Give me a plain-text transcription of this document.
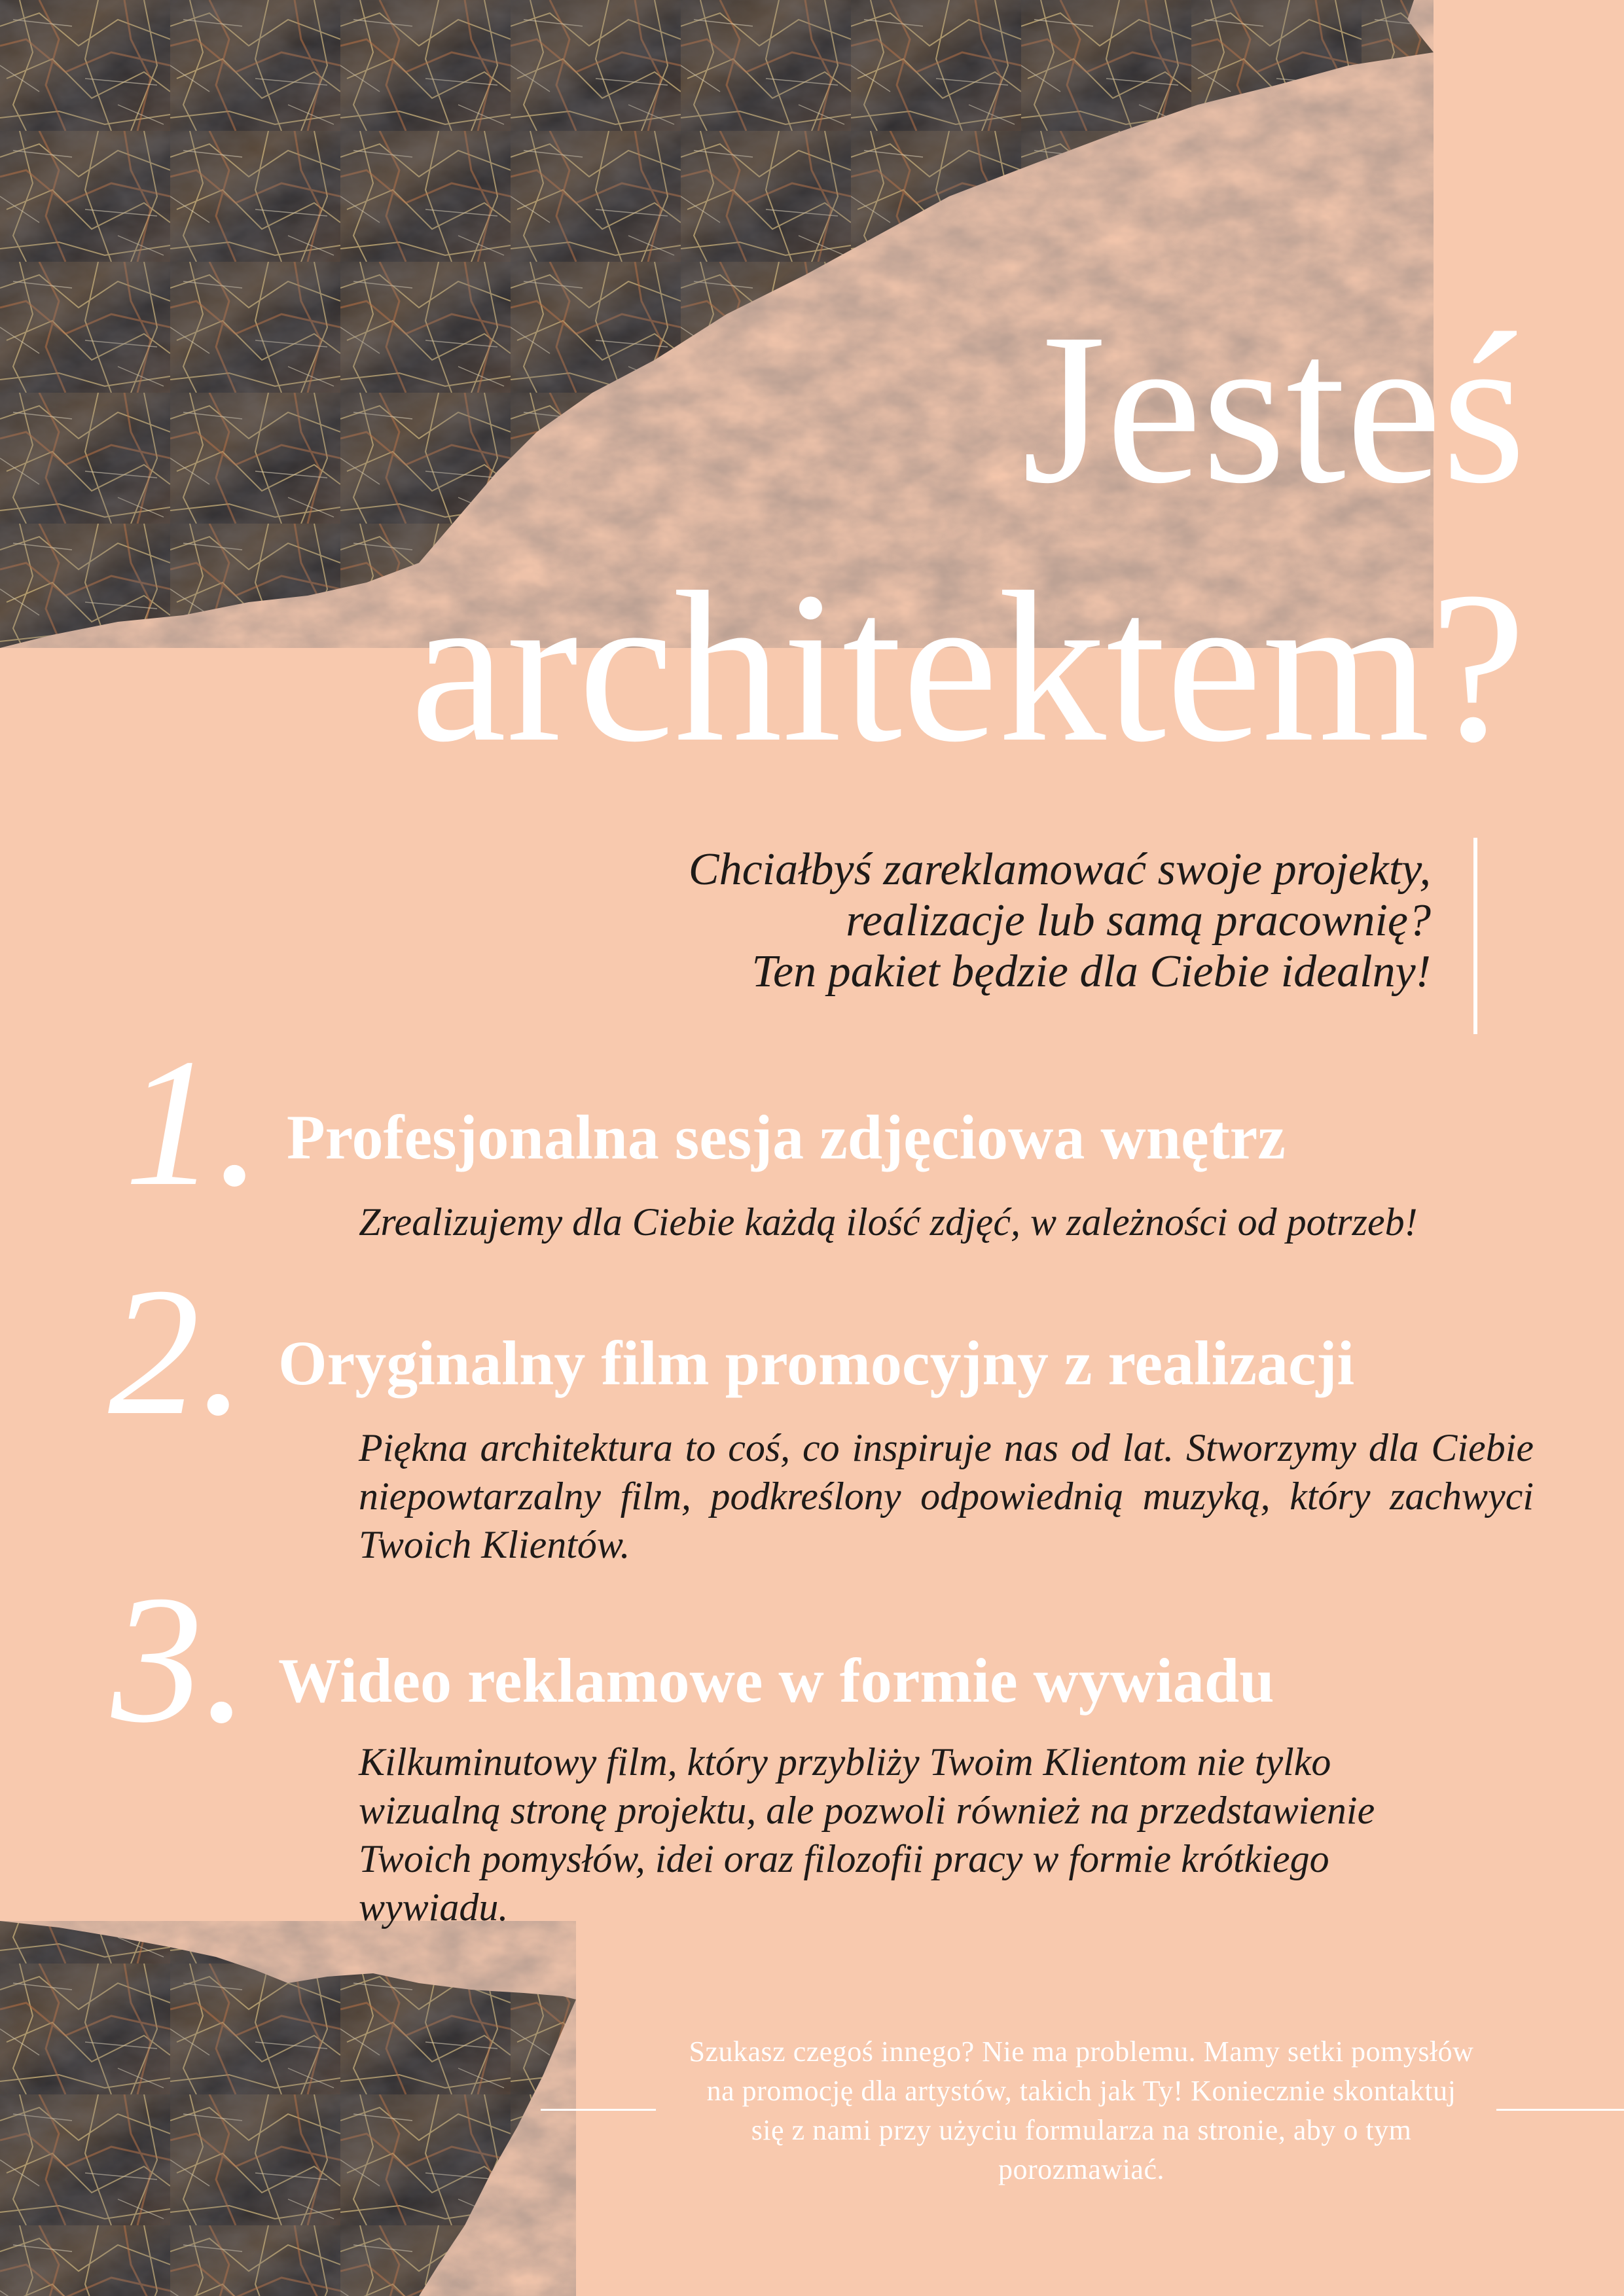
Jesteś
architektem?
Chciałbyś zareklamować swoje projekty,
realizacje lub samą pracownię?
Ten pakiet będzie dla Ciebie idealny!
1. Profesjonalna sesja zdjęciowa wnętrz
Zrealizujemy dla Ciebie każdą ilość zdjęć, w zależności od potrzeb!
2. Oryginalny film promocyjny z realizacji
Piękna architektura to coś, co inspiruje nas od lat. Stworzymy dla Ciebie niepowtarzalny film, podkreślony odpowiednią muzyką, który zachwyci Twoich Klientów.
3. Wideo reklamowe w formie wywiadu
Kilkuminutowy film, który przybliży Twoim Klientom nie tylko wizualną stronę projektu, ale pozwoli również na przedstawienie Twoich pomysłów, idei oraz filozofii pracy w formie krótkiego wywiadu.
Szukasz czegoś innego? Nie ma problemu. Mamy setki pomysłów na promocję dla artystów, takich jak Ty! Koniecznie skontaktuj się z nami przy użyciu formularza na stronie, aby o tym porozmawiać.
